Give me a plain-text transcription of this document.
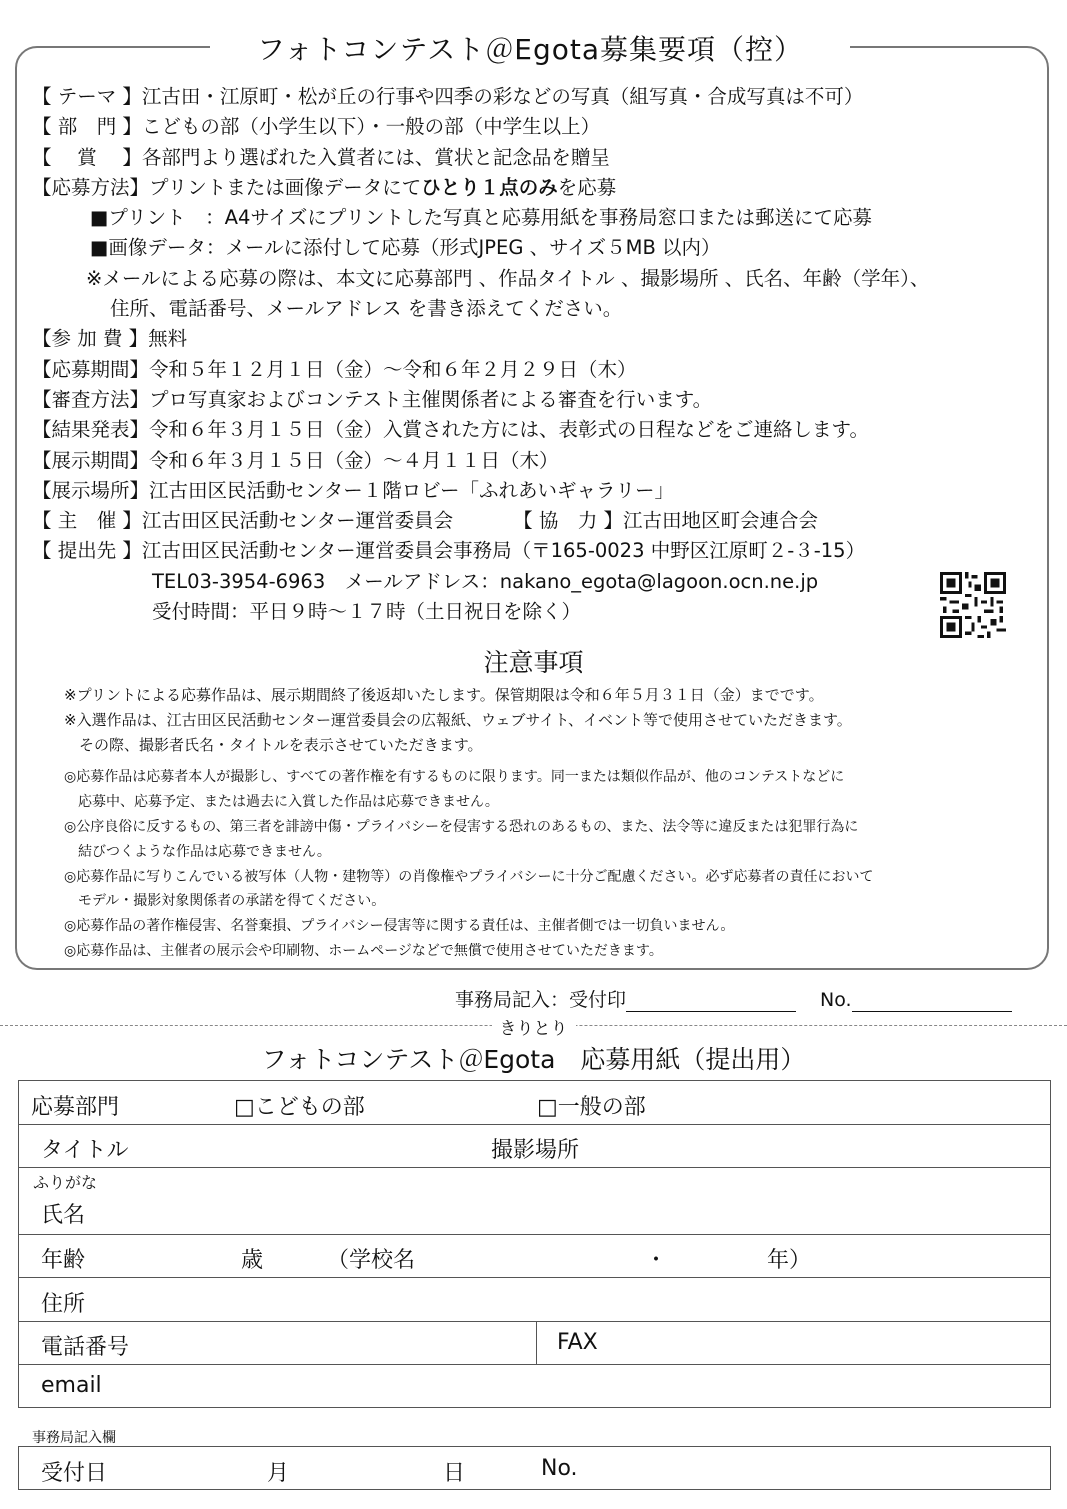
フォトコンテスト＠Egota募集要項（控）
【 テーマ 】江古田・江原町・松が丘の行事や四季の彩などの写真（組写真・合成写真は不可）
【 部　門 】こどもの部（小学生以下）・一般の部（中学生以上）
【　 賞　 】各部門より選ばれた入賞者には、賞状と記念品を贈呈
【応募方法】プリントまたは画像データにてひとり１点のみを応募
■プリント　：A4サイズにプリントした写真と応募用紙を事務局窓口または郵送にて応募
■画像データ：メールに添付して応募（形式JPEG 、サイズ５MB 以内）
※メールによる応募の際は、本文に応募部門 、作品タイトル 、撮影場所 、氏名、年齢（学年）、
住所、電話番号、メールアドレス を書き添えてください。
【参 加 費 】無料
【応募期間】令和５年１２月１日（金）～令和６年２月２９日（木）
【審査方法】プロ写真家およびコンテスト主催関係者による審査を行います。
【結果発表】令和６年３月１５日（金）入賞された方には、表彰式の日程などをご連絡します。
【展示期間】令和６年３月１５日（金）～４月１１日（木）
【展示場所】江古田区民活動センター１階ロビー「ふれあいギャラリー」
【 主　催 】江古田区民活動センター運営委員会	【 協　力 】江古田地区町会連合会
【 提出先 】江古田区民活動センター運営委員会事務局（〒165-0023 中野区江原町２-３-15）
TEL03-3954-6963　メールアドレス：nakano_egota@lagoon.ocn.ne.jp
受付時間：平日９時～１７時（土日祝日を除く）
注意事項
※プリントによる応募作品は、展示期間終了後返却いたします。保管期限は令和６年５月３１日（金）までです。
※入選作品は、江古田区民活動センター運営委員会の広報紙、ウェブサイト、イベント等で使用させていただきます。
　その際、撮影者氏名・タイトルを表示させていただきます。
◎応募作品は応募者本人が撮影し、すべての著作権を有するものに限ります。同一または類似作品が、他のコンテストなどに
　応募中、応募予定、または過去に入賞した作品は応募できません。
◎公序良俗に反するもの、第三者を誹謗中傷・プライバシーを侵害する恐れのあるもの、また、法令等に違反または犯罪行為に
　結びつくような作品は応募できません。
◎応募作品に写りこんでいる被写体（人物・建物等）の肖像権やプライバシーに十分ご配慮ください。必ず応募者の責任において
　モデル・撮影対象関係者の承諾を得てください。
◎応募作品の著作権侵害、名誉棄損、プライバシー侵害等に関する責任は、主催者側では一切負いません。
◎応募作品は、主催者の展示会や印刷物、ホームページなどで無償で使用させていただきます。
事務局記入：受付印	No.
きりとり
フォトコンテスト＠Egota　応募用紙（提出用）
応募部門	□こどもの部	□一般の部
タイトル	撮影場所
ふりがな
氏名
年齢	歳	（学校名	・	年）
住所
電話番号	FAX
email
事務局記入欄
受付日	月	日	No.
